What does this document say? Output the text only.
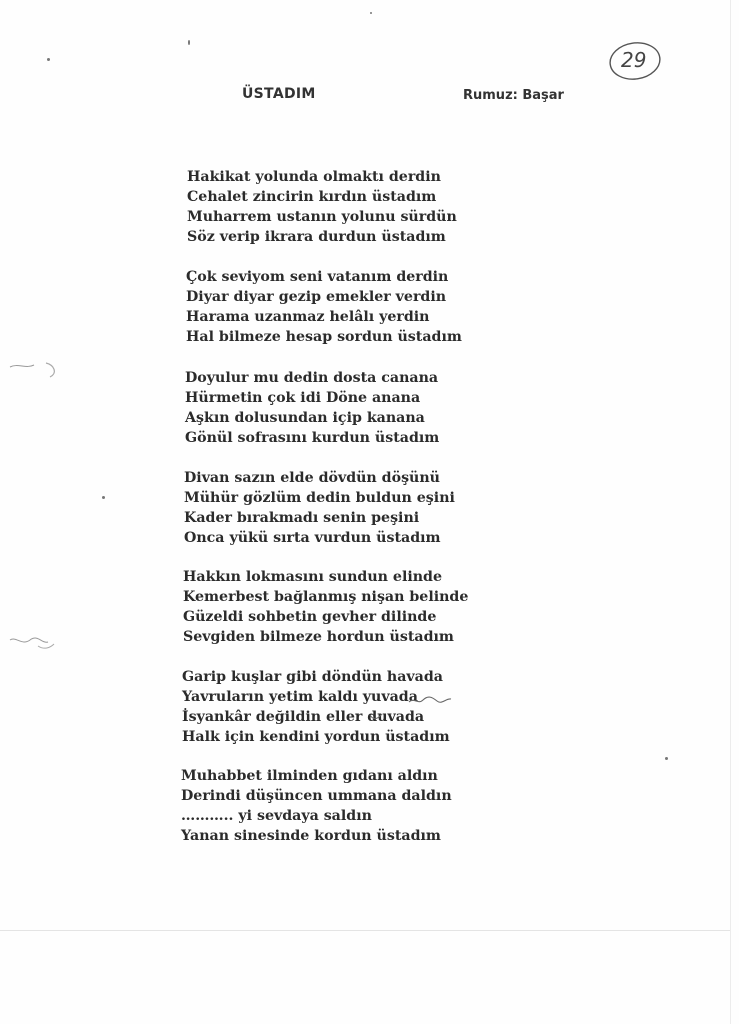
ÜSTADIM	Rumuz: Başar
29
Hakikat yolunda olmaktı derdin
Cehalet zincirin kırdın üstadım
Muharrem ustanın yolunu sürdün
Söz verip ikrara durdun üstadım
Çok seviyom seni vatanım derdin
Diyar diyar gezip emekler verdin
Harama uzanmaz helâlı yerdin
Hal bilmeze hesap sordun üstadım
Doyulur mu dedin dosta canana
Hürmetin çok idi Döne anana
Aşkın dolusundan içip kanana
Gönül sofrasını kurdun üstadım
Divan sazın elde dövdün döşünü
Mühür gözlüm dedin buldun eşini
Kader bırakmadı senin peşini
Onca yükü sırta vurdun üstadım
Hakkın lokmasını sundun elinde
Kemerbest bağlanmış nişan belinde
Güzeldi sohbetin gevher dilinde
Sevgiden bilmeze hordun üstadım
Garip kuşlar gibi döndün havada
Yavruların yetim kaldı yuvada
İsyankâr değildin eller duvada
Halk için kendini yordun üstadım
Muhabbet ilminden gıdanı aldın
Derindi düşüncen ummana daldın
……….. yi sevdaya saldın
Yanan sinesinde kordun üstadım
